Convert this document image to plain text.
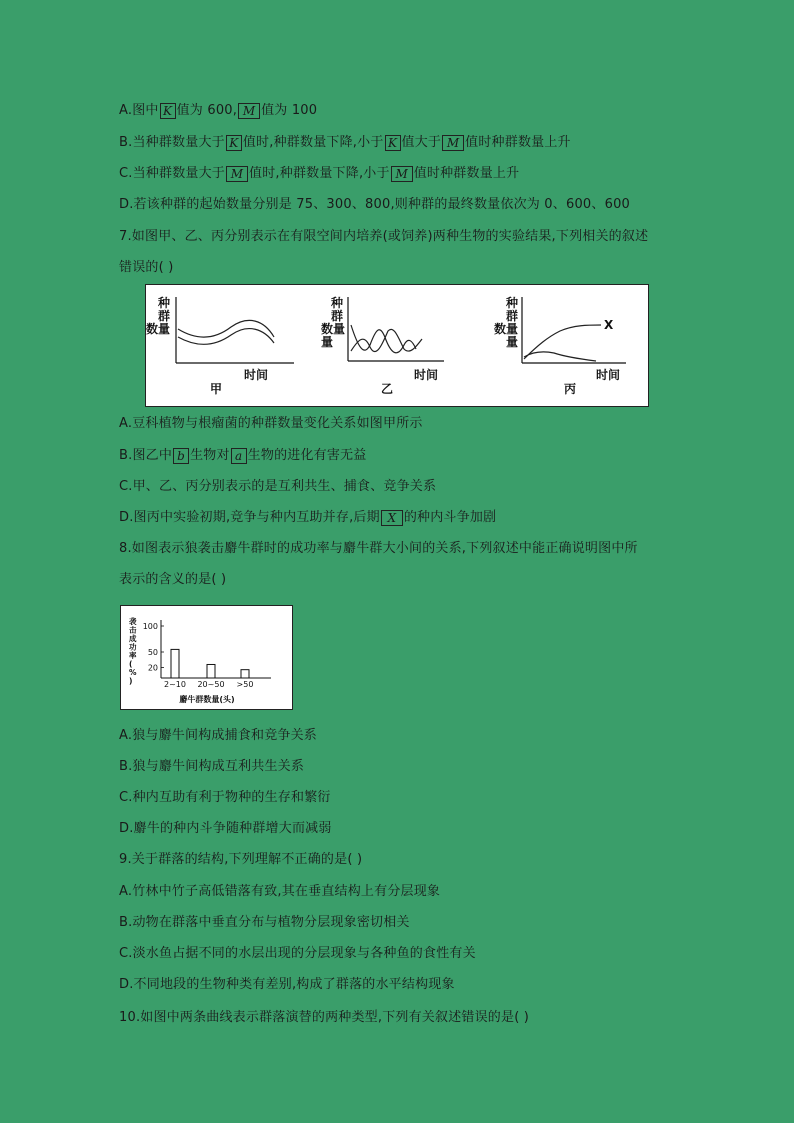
A.图中 K 值为 600, M 值为 100
B.当种群数量大于 K 值时,种群数量下降,小于 K 值大于 M 值时种群数量上升
C.当种群数量大于 M 值时,种群数量下降,小于 M 值时种群数量上升
D.若该种群的起始数量分别是 75、300、800,则种群的最终数量依次为 0、600、600
7.如图甲、乙、丙分别表示在有限空间内培养(或饲养)两种生物的实验结果,下列相关的叙述
错误的( )
种
群
数 量
时间
甲
种
群
数 量
量
时间
乙
种
群
数 量
量
X
时间
丙
A.豆科植物与根瘤菌的种群数量变化关系如图甲所示
B.图乙中 b 生物对 a 生物的进化有害无益
C.甲、乙、丙分别表示的是互利共生、捕食、竞争关系
D.图丙中实验初期,竞争与种内互助并存,后期 X 的种内斗争加剧
8.如图表示狼袭击麝牛群时的成功率与麝牛群大小间的关系,下列叙述中能正确说明图中所
表示的含义的是( )
袭
击
成
功
率
(
%
)
100
50
20
2~10 20~50 >50
麝牛群数量(头)
A.狼与麝牛间构成捕食和竞争关系
B.狼与麝牛间构成互利共生关系
C.种内互助有利于物种的生存和繁衍
D.麝牛的种内斗争随种群增大而减弱
9.关于群落的结构,下列理解不正确的是( )
A.竹林中竹子高低错落有致,其在垂直结构上有分层现象
B.动物在群落中垂直分布与植物分层现象密切相关
C.淡水鱼占据不同的水层出现的分层现象与各种鱼的食性有关
D.不同地段的生物种类有差别,构成了群落的水平结构现象
10.如图中两条曲线表示群落演替的两种类型,下列有关叙述错误的是( )
